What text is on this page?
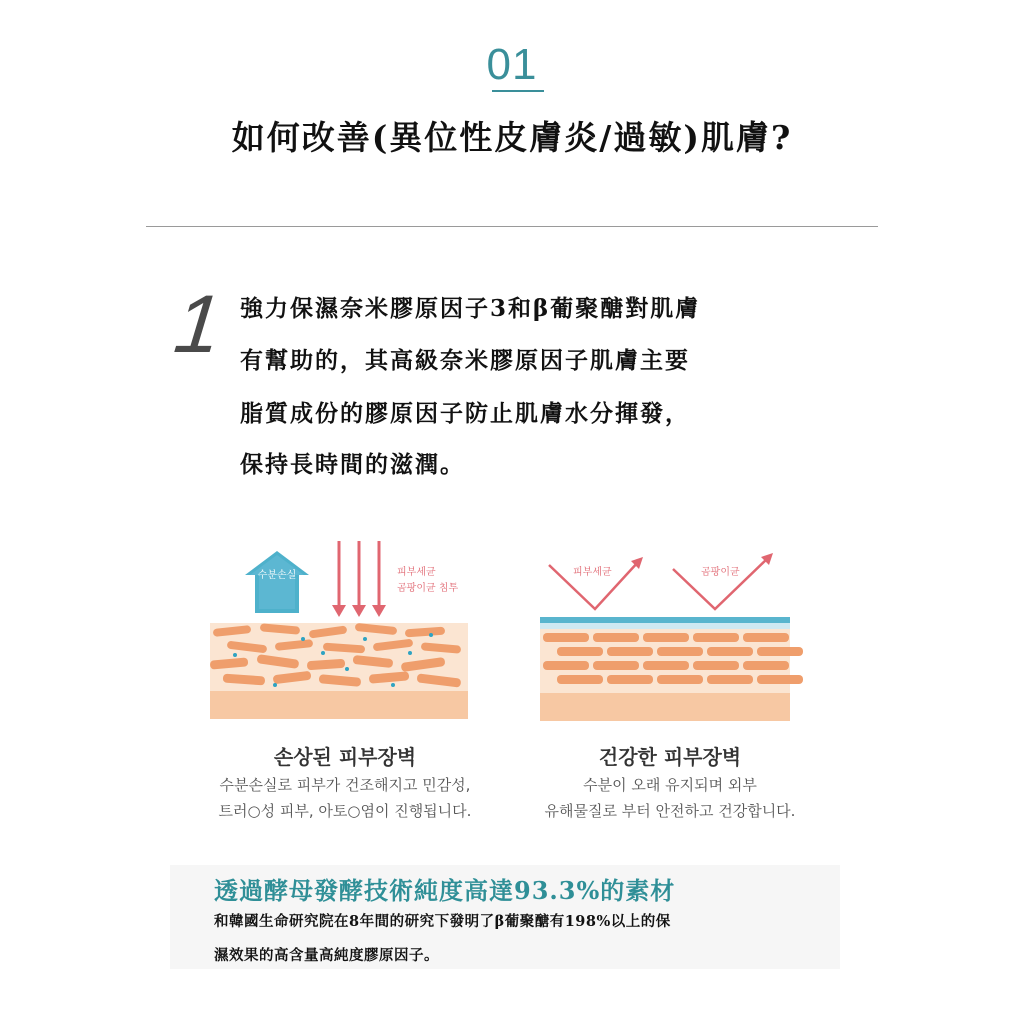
01
如何改善(異位性皮膚炎/過敏)肌膚?
1 強力保濕奈米膠原因子3和β葡聚醣對肌膚
有幫助的，其高級奈米膠原因子肌膚主要
脂質成份的膠原因子防止肌膚水分揮發，
保持長時間的滋潤。
수분손실	피부세균
곰팡이균 침투
피부세균	곰팡이균
손상된 피부장벽
수분손실로 피부가 건조해지고 민감성,
트러○성 피부, 아토○염이 진행됩니다.
건강한 피부장벽
수분이 오래 유지되며 외부
유해물질로 부터 안전하고 건강합니다.
透過酵母發酵技術純度高達93.3%的素材
和韓國生命研究院在8年間的研究下發明了β葡聚醣有198%以上的保
濕效果的高含量高純度膠原因子。
